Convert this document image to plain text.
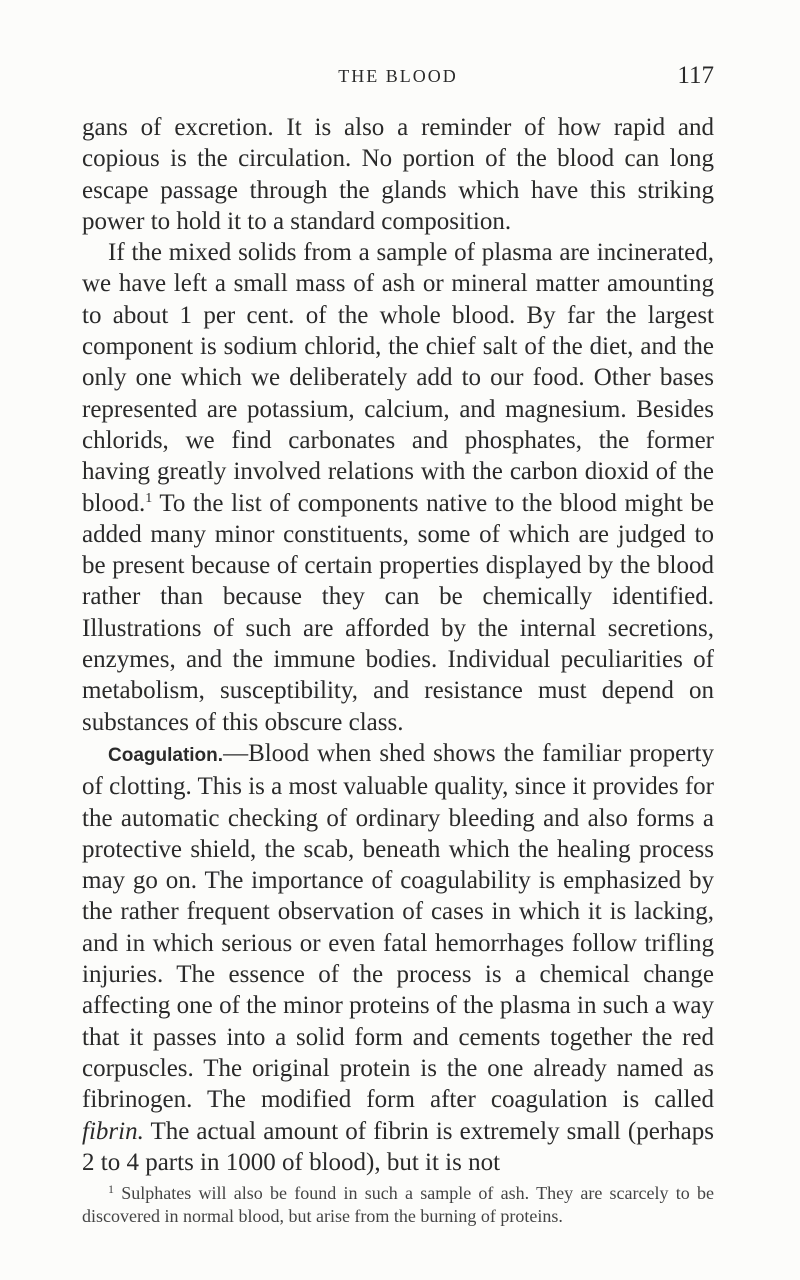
THE BLOOD	117

gans of excretion. It is also a reminder of how rapid and copious is the circulation. No portion of the blood can long escape passage through the glands which have this striking power to hold it to a standard composition.

If the mixed solids from a sample of plasma are incinerated, we have left a small mass of ash or mineral matter amounting to about 1 per cent. of the whole blood. By far the largest component is sodium chlorid, the chief salt of the diet, and the only one which we deliberately add to our food. Other bases represented are potassium, calcium, and magnesium. Besides chlorids, we find carbonates and phosphates, the former having greatly involved relations with the carbon dioxid of the blood.$^1$ To the list of components native to the blood might be added many minor constituents, some of which are judged to be present because of certain properties displayed by the blood rather than because they can be chemically identified. Illustrations of such are afforded by the internal secretions, enzymes, and the immune bodies. Individual peculiarities of metabolism, susceptibility, and resistance must depend on substances of this obscure class.

Coagulation.—Blood when shed shows the familiar property of clotting. This is a most valuable quality, since it provides for the automatic checking of ordinary bleeding and also forms a protective shield, the scab, beneath which the healing process may go on. The importance of coagulability is emphasized by the rather frequent observation of cases in which it is lacking, and in which serious or even fatal hemorrhages follow trifling injuries. The essence of the process is a chemical change affecting one of the minor proteins of the plasma in such a way that it passes into a solid form and cements together the red corpuscles. The original protein is the one already named as fibrinogen. The modified form after coagulation is called fibrin. The actual amount of fibrin is extremely small (perhaps 2 to 4 parts in 1000 of blood), but it is not

$^1$ Sulphates will also be found in such a sample of ash. They are scarcely to be discovered in normal blood, but arise from the burning of proteins.
